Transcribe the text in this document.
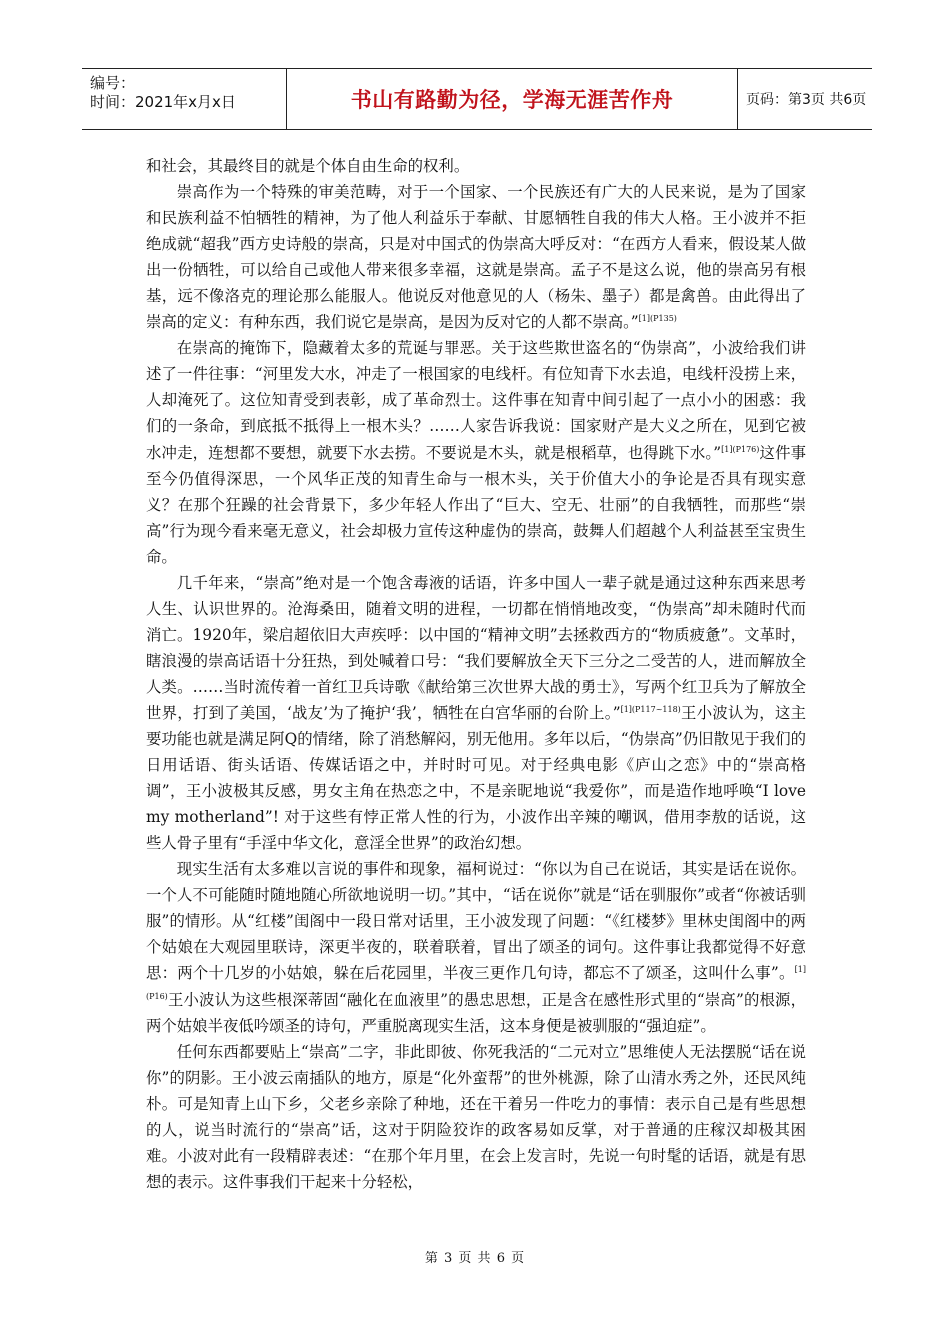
编号：
时间：2021年x月x日	书山有路勤为径，学海无涯苦作舟	页码：第3页 共6页

和社会，其最终目的就是个体自由生命的权利。

崇高作为一个特殊的审美范畴，对于一个国家、一个民族还有广大的人民来说，是为了国家和民族利益不怕牺牲的精神，为了他人利益乐于奉献、甘愿牺牲自我的伟大人格。王小波并不拒绝成就“超我”西方史诗般的崇高，只是对中国式的伪崇高大呼反对：“在西方人看来，假设某人做出一份牺牲，可以给自己或他人带来很多幸福，这就是崇高。孟子不是这么说，他的崇高另有根基，远不像洛克的理论那么能服人。他说反对他意见的人（杨朱、墨子）都是禽兽。由此得出了崇高的定义：有种东西，我们说它是崇高，是因为反对它的人都不崇高。”$^{[1](P135)}$

在崇高的掩饰下，隐藏着太多的荒诞与罪恶。关于这些欺世盗名的“伪崇高”，小波给我们讲述了一件往事：“河里发大水，冲走了一根国家的电线杆。有位知青下水去追，电线杆没捞上来，人却淹死了。这位知青受到表彰，成了革命烈士。这件事在知青中间引起了一点小小的困惑：我们的一条命，到底抵不抵得上一根木头？……人家告诉我说：国家财产是大义之所在，见到它被水冲走，连想都不要想，就要下水去捞。不要说是木头，就是根稻草，也得跳下水。”$^{[1](P176)}$这件事至今仍值得深思，一个风华正茂的知青生命与一根木头，关于价值大小的争论是否具有现实意义？在那个狂躁的社会背景下，多少年轻人作出了“巨大、空无、壮丽”的自我牺牲，而那些“崇高”行为现今看来毫无意义，社会却极力宣传这种虚伪的崇高，鼓舞人们超越个人利益甚至宝贵生命。

几千年来，“崇高”绝对是一个饱含毒液的话语，许多中国人一辈子就是通过这种东西来思考人生、认识世界的。沧海桑田，随着文明的进程，一切都在悄悄地改变，“伪崇高”却未随时代而消亡。1920年，梁启超依旧大声疾呼：以中国的“精神文明”去拯救西方的“物质疲惫”。文革时，瞎浪漫的崇高话语十分狂热，到处喊着口号：“我们要解放全天下三分之二受苦的人，进而解放全人类。……当时流传着一首红卫兵诗歌《献给第三次世界大战的勇士》，写两个红卫兵为了解放全世界，打到了美国，‘战友’为了掩护‘我’，牺牲在白宫华丽的台阶上。”$^{[1](P117\sim 118)}$王小波认为，这主要功能也就是满足阿Q的情绪，除了消愁解闷，别无他用。多年以后，“伪崇高”仍旧散见于我们的日用话语、街头话语、传媒话语之中，并时时可见。对于经典电影《庐山之恋》中的“崇高格调”，王小波极其反感，男女主角在热恋之中，不是亲昵地说“我爱你”，而是造作地呼唤“I love my motherland”! 对于这些有悖正常人性的行为，小波作出辛辣的嘲讽，借用李敖的话说，这些人骨子里有“手淫中华文化，意淫全世界”的政治幻想。

现实生活有太多难以言说的事件和现象，福柯说过：“你以为自己在说话，其实是话在说你。一个人不可能随时随地随心所欲地说明一切。”其中，“话在说你”就是“话在驯服你”或者“你被话驯服”的情形。从“红楼”闺阁中一段日常对话里，王小波发现了问题：“《红楼梦》里林史闺阁中的两个姑娘在大观园里联诗，深更半夜的，联着联着，冒出了颂圣的词句。这件事让我都觉得不好意思：两个十几岁的小姑娘，躲在后花园里，半夜三更作几句诗，都忘不了颂圣，这叫什么事”。$^{[1](P16)}$王小波认为这些根深蒂固“融化在血液里”的愚忠思想，正是含在感性形式里的“崇高”的根源，两个姑娘半夜低吟颂圣的诗句，严重脱离现实生活，这本身便是被驯服的“强迫症”。

任何东西都要贴上“崇高”二字，非此即彼、你死我活的“二元对立”思维使人无法摆脱“话在说你”的阴影。王小波云南插队的地方，原是“化外蛮帮”的世外桃源，除了山清水秀之外，还民风纯朴。可是知青上山下乡，父老乡亲除了种地，还在干着另一件吃力的事情：表示自己是有些思想的人，说当时流行的“崇高”话，这对于阴险狡诈的政客易如反掌，对于普通的庄稼汉却极其困难。小波对此有一段精辟表述：“在那个年月里，在会上发言时，先说一句时髦的话语，就是有思想的表示。这件事我们干起来十分轻松，

第 3 页 共 6 页
